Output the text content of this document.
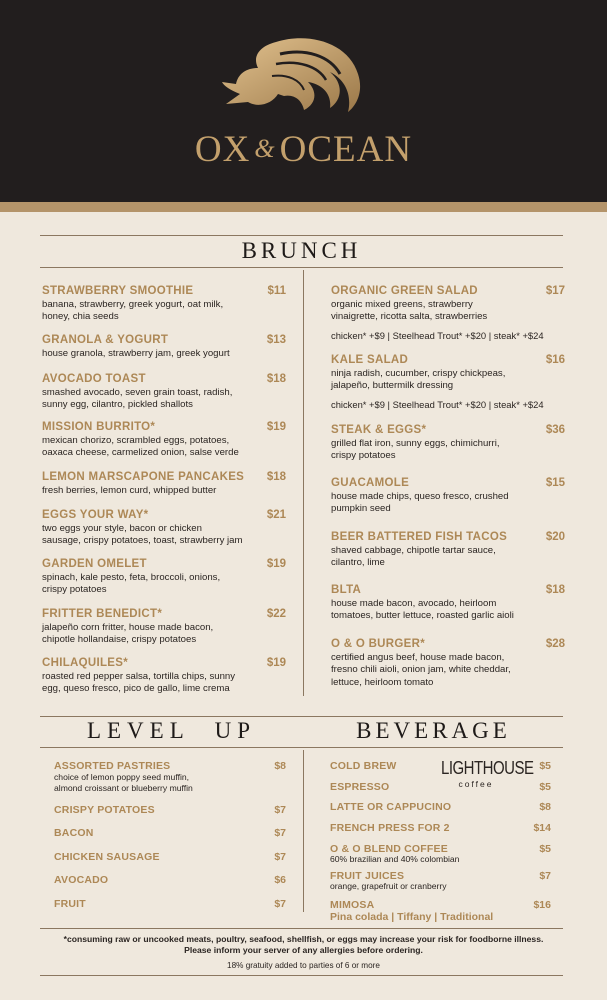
OX & OCEAN
BRUNCH
STRAWBERRY SMOOTHIE	$11
banana, strawberry, greek yogurt, oat milk,
honey, chia seeds
GRANOLA & YOGURT	$13
house granola, strawberry jam, greek yogurt
AVOCADO TOAST	$18
smashed avocado, seven grain toast, radish,
sunny egg, cilantro, pickled shallots
MISSION BURRITO*	$19
mexican chorizo, scrambled eggs, potatoes,
oaxaca cheese, carmelized onion, salse verde
LEMON MARSCAPONE PANCAKES $18
fresh berries, lemon curd, whipped butter
EGGS YOUR WAY*	$21
two eggs your style, bacon or chicken
sausage, crispy potatoes, toast, strawberry jam
GARDEN OMELET	$19
spinach, kale pesto, feta, broccoli, onions,
crispy potatoes
FRITTER BENEDICT*	$22
jalapeño corn fritter, house made bacon,
chipotle hollandaise, crispy potatoes
CHILAQUILES*	$19
roasted red pepper salsa, tortilla chips, sunny
egg, queso fresco, pico de gallo, lime crema
ORGANIC GREEN SALAD	$17
organic mixed greens, strawberry
vinaigrette, ricotta salta, strawberries
chicken* +$9 | Steelhead Trout* +$20 | steak* +$24
KALE SALAD	$16
ninja radish, cucumber, crispy chickpeas,
jalapeño, buttermilk dressing
chicken* +$9 | Steelhead Trout* +$20 | steak* +$24
STEAK & EGGS*	$36
grilled flat iron, sunny eggs, chimichurri,
crispy potatoes
GUACAMOLE	$15
house made chips, queso fresco, crushed
pumpkin seed
BEER BATTERED FISH TACOS	$20
shaved cabbage, chipotle tartar sauce,
cilantro, lime
BLTA	$18
house made bacon, avocado, heirloom
tomatoes, butter lettuce, roasted garlic aioli
O & O BURGER*	$28
certified angus beef, house made bacon,
fresno chili aioli, onion jam, white cheddar,
lettuce, heirloom tomato
LEVEL UP	BEVERAGE
ASSORTED PASTRIES	$8
choice of lemon poppy seed muffin,
almond croissant or blueberry muffin
CRISPY POTATOES	$7
BACON	$7
CHICKEN SAUSAGE	$7
AVOCADO	$6
FRUIT	$7
COLD BREW	$5
ESPRESSO	$5
LATTE OR CAPPUCINO	$8
FRENCH PRESS FOR 2	$14
O & O BLEND COFFEE	$5
60% brazilian and 40% colombian
FRUIT JUICES	$7
orange, grapefruit or cranberry
MIMOSA	$16
Pina colada | Tiffany | Traditional
LIGHTHOUSE
coffee
*consuming raw or uncooked meats, poultry, seafood, shellfish, or eggs may increase your risk for foodborne illness.
Please inform your server of any allergies before ordering.
18% gratuity added to parties of 6 or more
